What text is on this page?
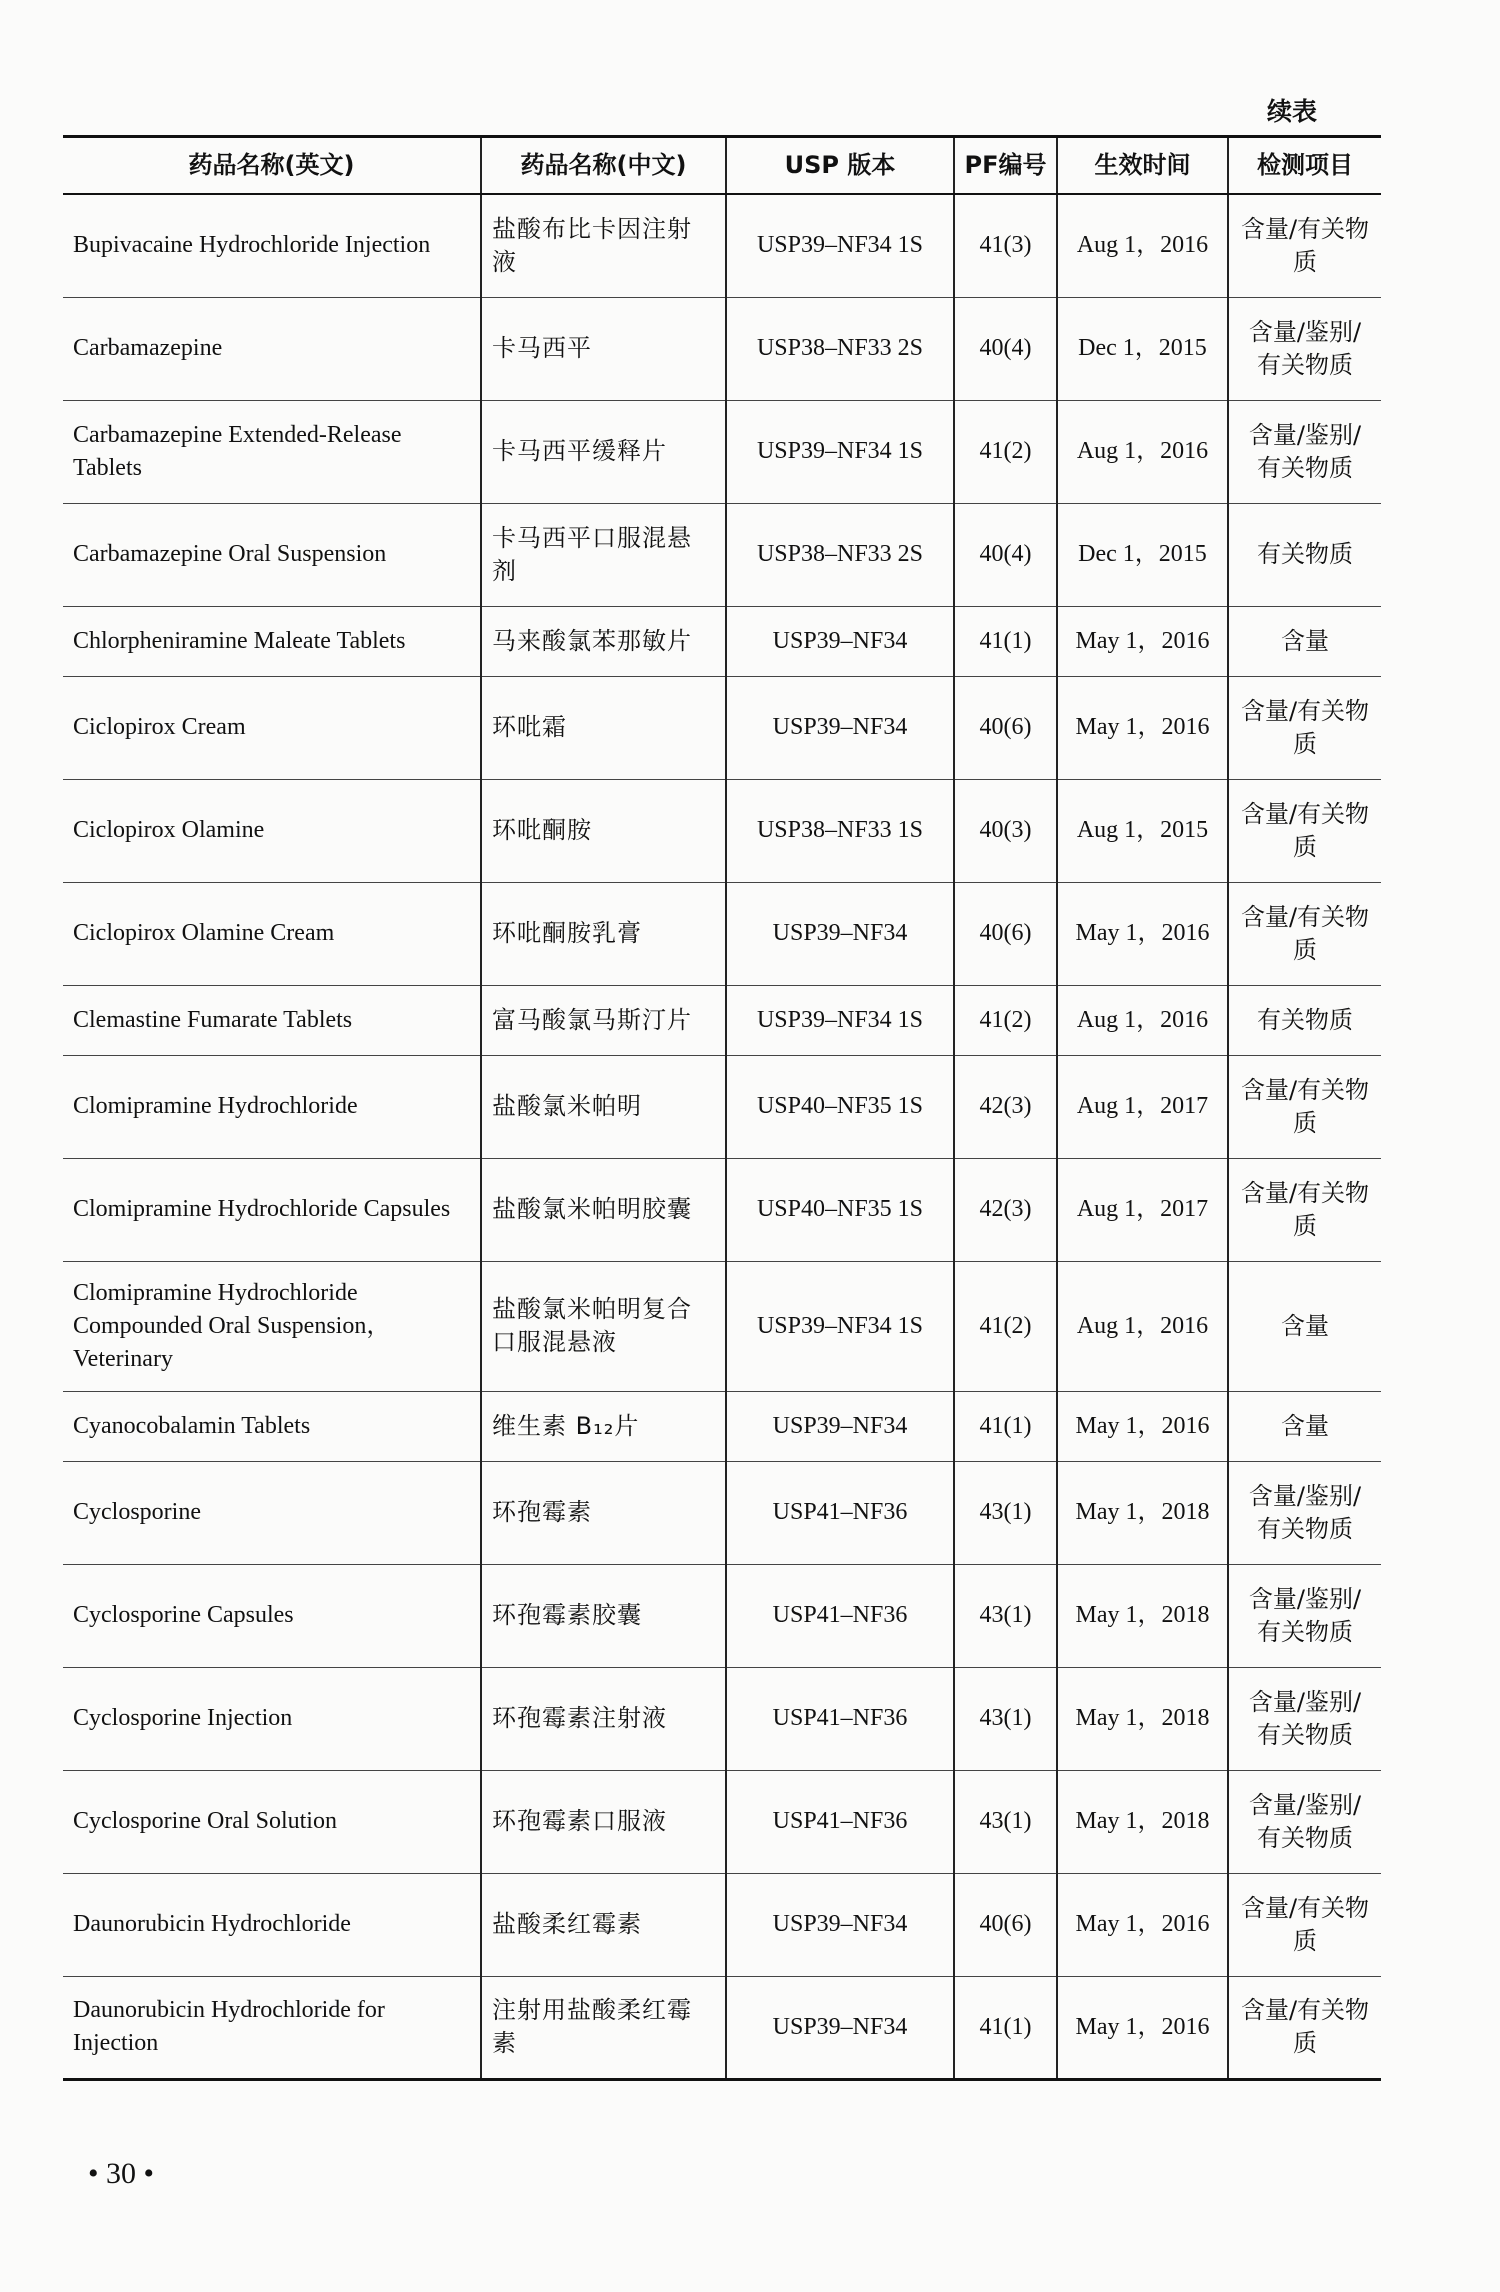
续表
药品名称(英文)	药品名称(中文)	USP 版本	PF编号	生效时间	检测项目
Bupivacaine Hydrochloride Injection	盐酸布比卡因注射液	USP39–NF34 1S	41(3)	Aug 1，2016	含量/有关物质
Carbamazepine	卡马西平	USP38–NF33 2S	40(4)	Dec 1，2015	含量/鉴别/有关物质
Carbamazepine Extended-Release Tablets	卡马西平缓释片	USP39–NF34 1S	41(2)	Aug 1，2016	含量/鉴别/有关物质
Carbamazepine Oral Suspension	卡马西平口服混悬剂	USP38–NF33 2S	40(4)	Dec 1，2015	有关物质
Chlorpheniramine Maleate Tablets	马来酸氯苯那敏片	USP39–NF34	41(1)	May 1，2016	含量
Ciclopirox Cream	环吡霜	USP39–NF34	40(6)	May 1，2016	含量/有关物质
Ciclopirox Olamine	环吡酮胺	USP38–NF33 1S	40(3)	Aug 1，2015	含量/有关物质
Ciclopirox Olamine Cream	环吡酮胺乳膏	USP39–NF34	40(6)	May 1，2016	含量/有关物质
Clemastine Fumarate Tablets	富马酸氯马斯汀片	USP39–NF34 1S	41(2)	Aug 1，2016	有关物质
Clomipramine Hydrochloride	盐酸氯米帕明	USP40–NF35 1S	42(3)	Aug 1，2017	含量/有关物质
Clomipramine Hydrochloride Capsules	盐酸氯米帕明胶囊	USP40–NF35 1S	42(3)	Aug 1，2017	含量/有关物质
Clomipramine Hydrochloride Compounded Oral Suspension，Veterinary	盐酸氯米帕明复合口服混悬液	USP39–NF34 1S	41(2)	Aug 1，2016	含量
Cyanocobalamin Tablets	维生素 B₁₂片	USP39–NF34	41(1)	May 1，2016	含量
Cyclosporine	环孢霉素	USP41–NF36	43(1)	May 1，2018	含量/鉴别/有关物质
Cyclosporine Capsules	环孢霉素胶囊	USP41–NF36	43(1)	May 1，2018	含量/鉴别/有关物质
Cyclosporine Injection	环孢霉素注射液	USP41–NF36	43(1)	May 1，2018	含量/鉴别/有关物质
Cyclosporine Oral Solution	环孢霉素口服液	USP41–NF36	43(1)	May 1，2018	含量/鉴别/有关物质
Daunorubicin Hydrochloride	盐酸柔红霉素	USP39–NF34	40(6)	May 1，2016	含量/有关物质
Daunorubicin Hydrochloride for Injection	注射用盐酸柔红霉素	USP39–NF34	41(1)	May 1，2016	含量/有关物质
• 30 •
